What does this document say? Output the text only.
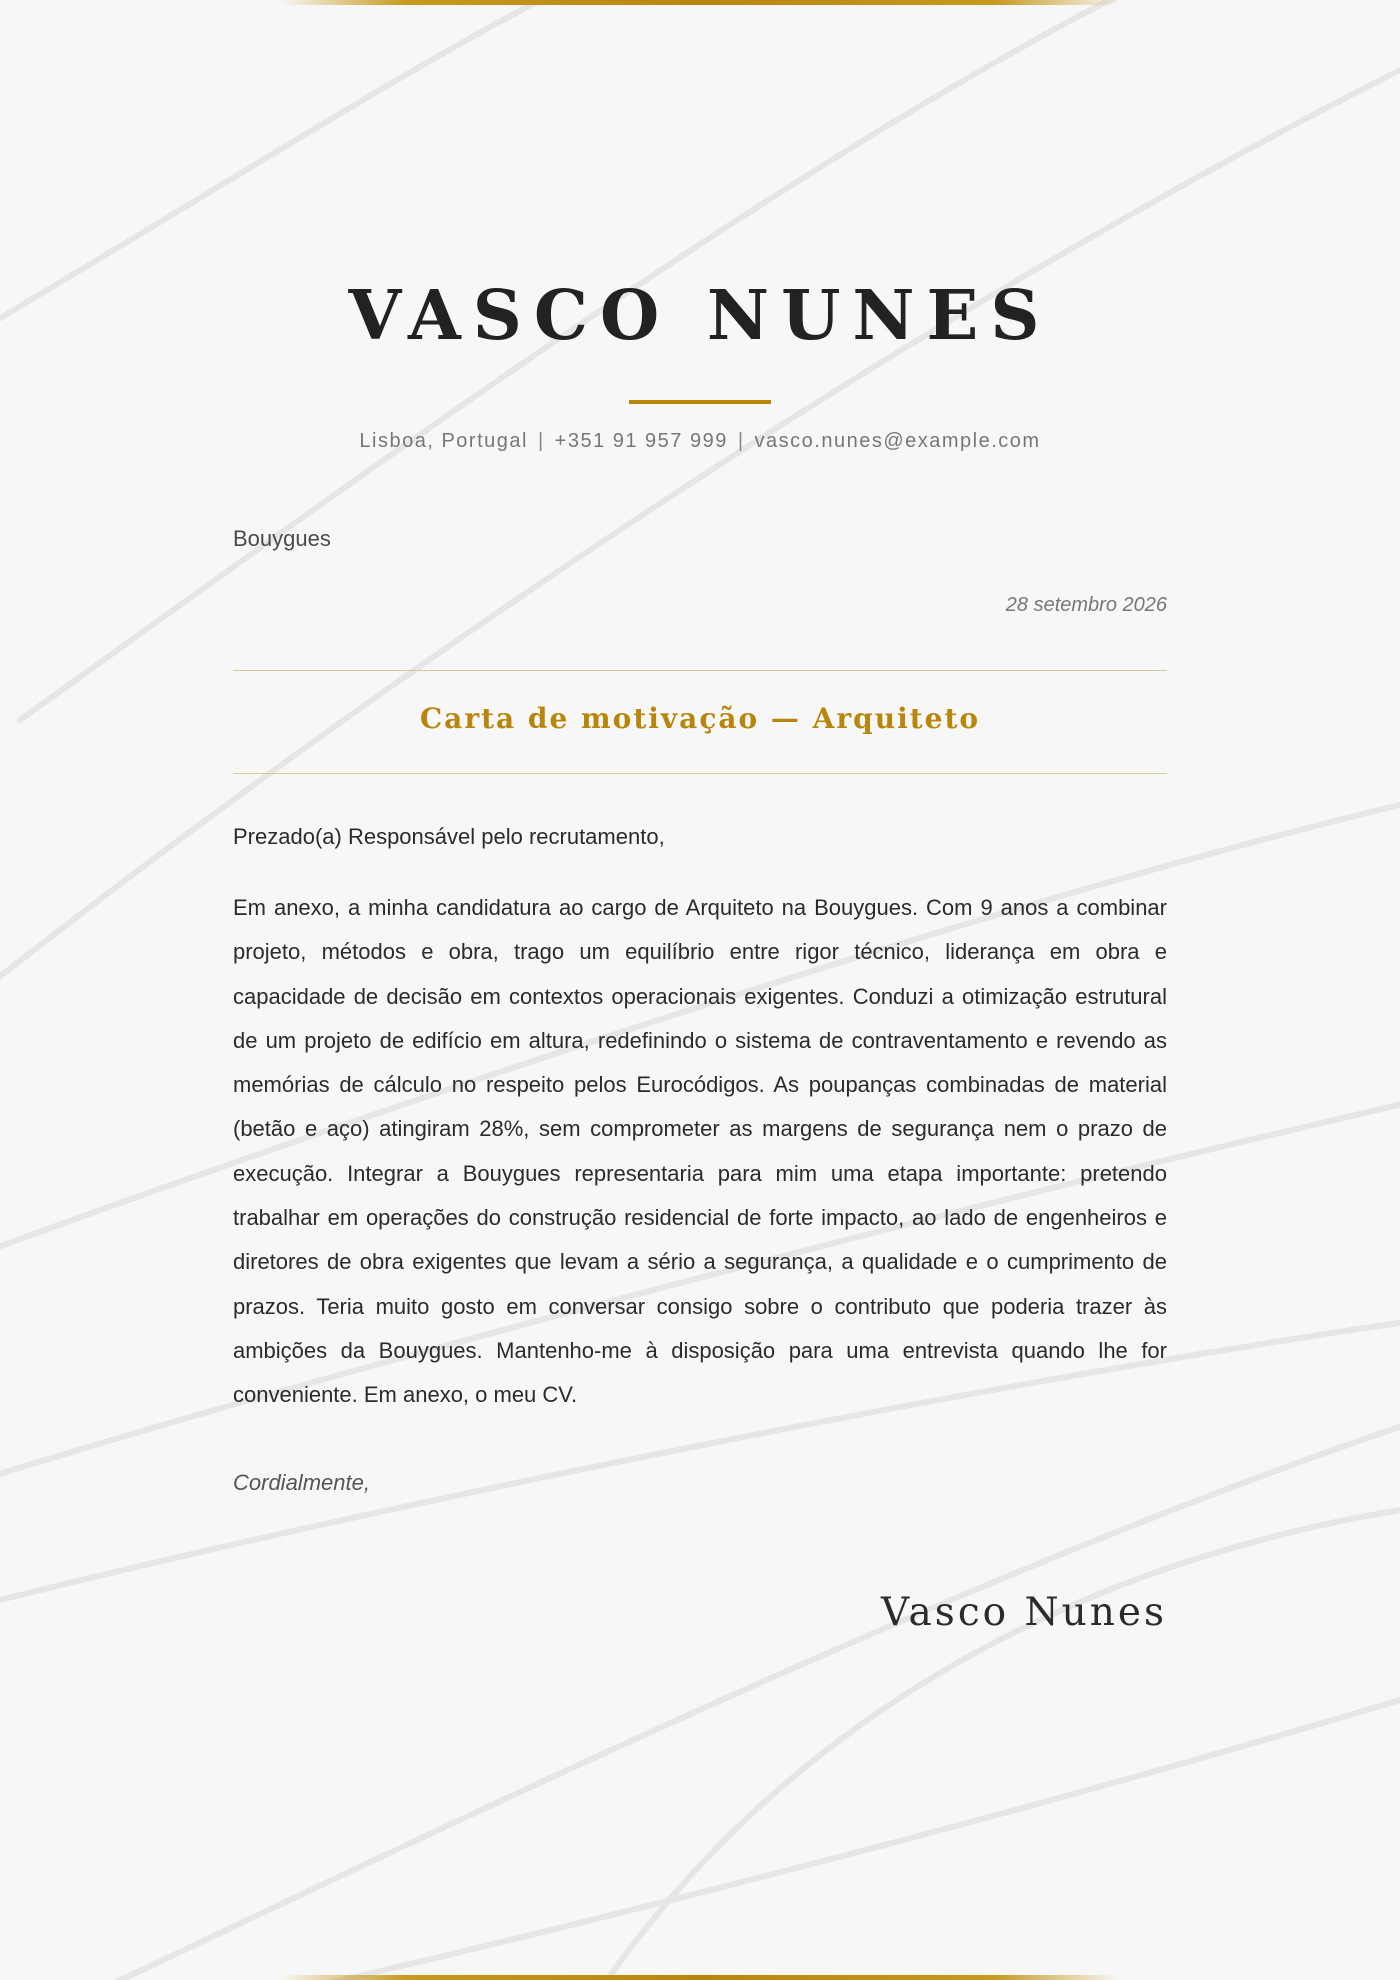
VASCO NUNES
Lisboa, Portugal | +351 91 957 999 | vasco.nunes@example.com
Bouygues
28 setembro 2026
Carta de motivação — Arquiteto
Prezado(a) Responsável pelo recrutamento,

Em anexo, a minha candidatura ao cargo de Arquiteto na Bouygues. Com 9 anos a combinar projeto, métodos e obra, trago um equilíbrio entre rigor técnico, liderança em obra e capacidade de decisão em contextos operacionais exigentes. Conduzi a otimização estrutural de um projeto de edifício em altura, redefinindo o sistema de contraventamento e revendo as memórias de cálculo no respeito pelos Eurocódigos. As poupanças combinadas de material (betão e aço) atingiram 28%, sem comprometer as margens de segurança nem o prazo de execução. Integrar a Bouygues representaria para mim uma etapa importante: pretendo trabalhar em operações do construção residencial de forte impacto, ao lado de engenheiros e diretores de obra exigentes que levam a sério a segurança, a qualidade e o cumprimento de prazos. Teria muito gosto em conversar consigo sobre o contributo que poderia trazer às ambições da Bouygues. Mantenho-me à disposição para uma entrevista quando lhe for conveniente. Em anexo, o meu CV.

Cordialmente,
Vasco Nunes
